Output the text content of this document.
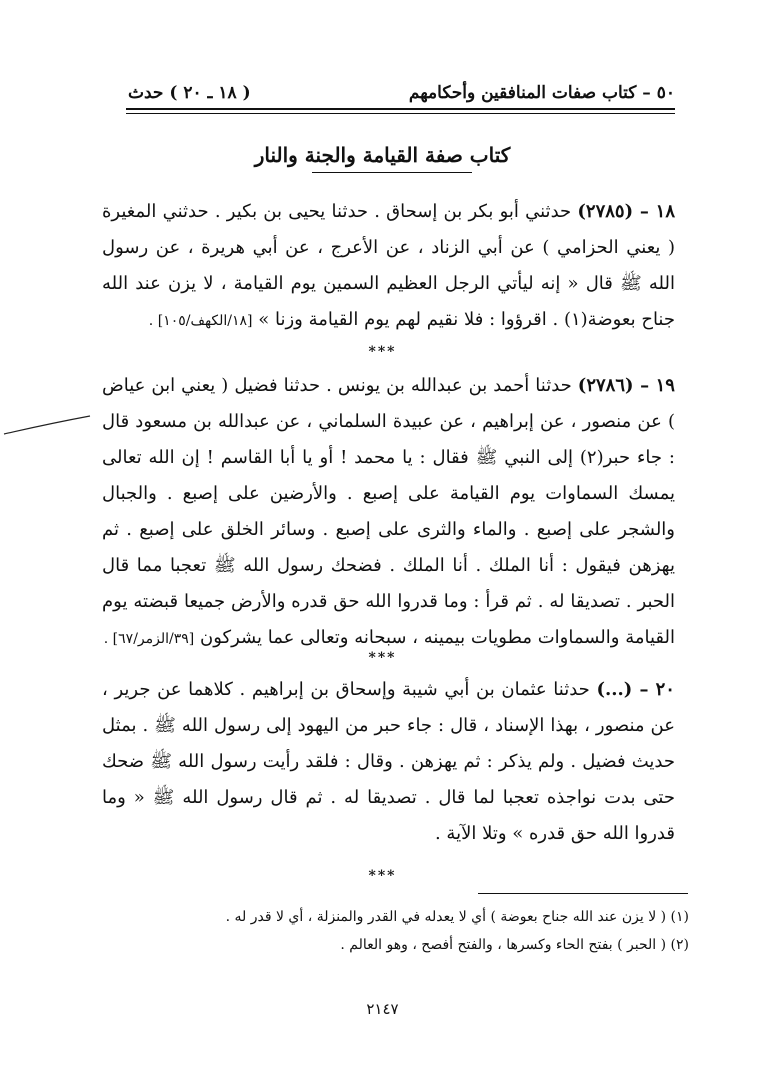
( ١٨ ـ ٢٠ ) حدث	٥٠ – كتاب صفات المنافقين وأحكامهم
كتاب صفة القيامة والجنة والنار
١٨ – (٢٧٨٥) حدثني أبو بكر بن إسحاق . حدثنا يحيى بن بكير . حدثني المغيرة ( يعني الحزامي ) عن أبي الزناد ، عن الأعرج ، عن أبي هريرة ، عن رسول الله ﷺ قال « إنه ليأتي الرجل العظيم السمين يوم القيامة ، لا يزن عند الله جناح بعوضة(١) . اقرؤوا : فلا نقيم لهم يوم القيامة وزنا » [١٨/الكهف/١٠٥] .
***
١٩ – (٢٧٨٦) حدثنا أحمد بن عبدالله بن يونس . حدثنا فضيل ( يعني ابن عياض ) عن منصور ، عن إبراهيم ، عن عبيدة السلماني ، عن عبدالله بن مسعود قال : جاء حبر(٢) إلى النبي ﷺ فقال : يا محمد ! أو يا أبا القاسم ! إن الله تعالى يمسك السماوات يوم القيامة على إصبع . والأرضين على إصبع . والجبال والشجر على إصبع . والماء والثرى على إصبع . وسائر الخلق على إصبع . ثم يهزهن فيقول : أنا الملك . أنا الملك . فضحك رسول الله ﷺ تعجبا مما قال الحبر . تصديقا له . ثم قرأ : وما قدروا الله حق قدره والأرض جميعا قبضته يوم القيامة والسماوات مطويات بيمينه ، سبحانه وتعالى عما يشركون [٣٩/الزمر/٦٧] .
***
٢٠ – (...) حدثنا عثمان بن أبي شيبة وإسحاق بن إبراهيم . كلاهما عن جرير ، عن منصور ، بهذا الإسناد ، قال : جاء حبر من اليهود إلى رسول الله ﷺ . بمثل حديث فضيل . ولم يذكر : ثم يهزهن . وقال : فلقد رأيت رسول الله ﷺ ضحك حتى بدت نواجذه تعجبا لما قال . تصديقا له . ثم قال رسول الله ﷺ « وما قدروا الله حق قدره » وتلا الآية .
***
(١) ( لا يزن عند الله جناح بعوضة ) أي لا يعدله في القدر والمنزلة ، أي لا قدر له .
(٢) ( الحبر ) بفتح الحاء وكسرها ، والفتح أفصح ، وهو العالم .
٢١٤٧
